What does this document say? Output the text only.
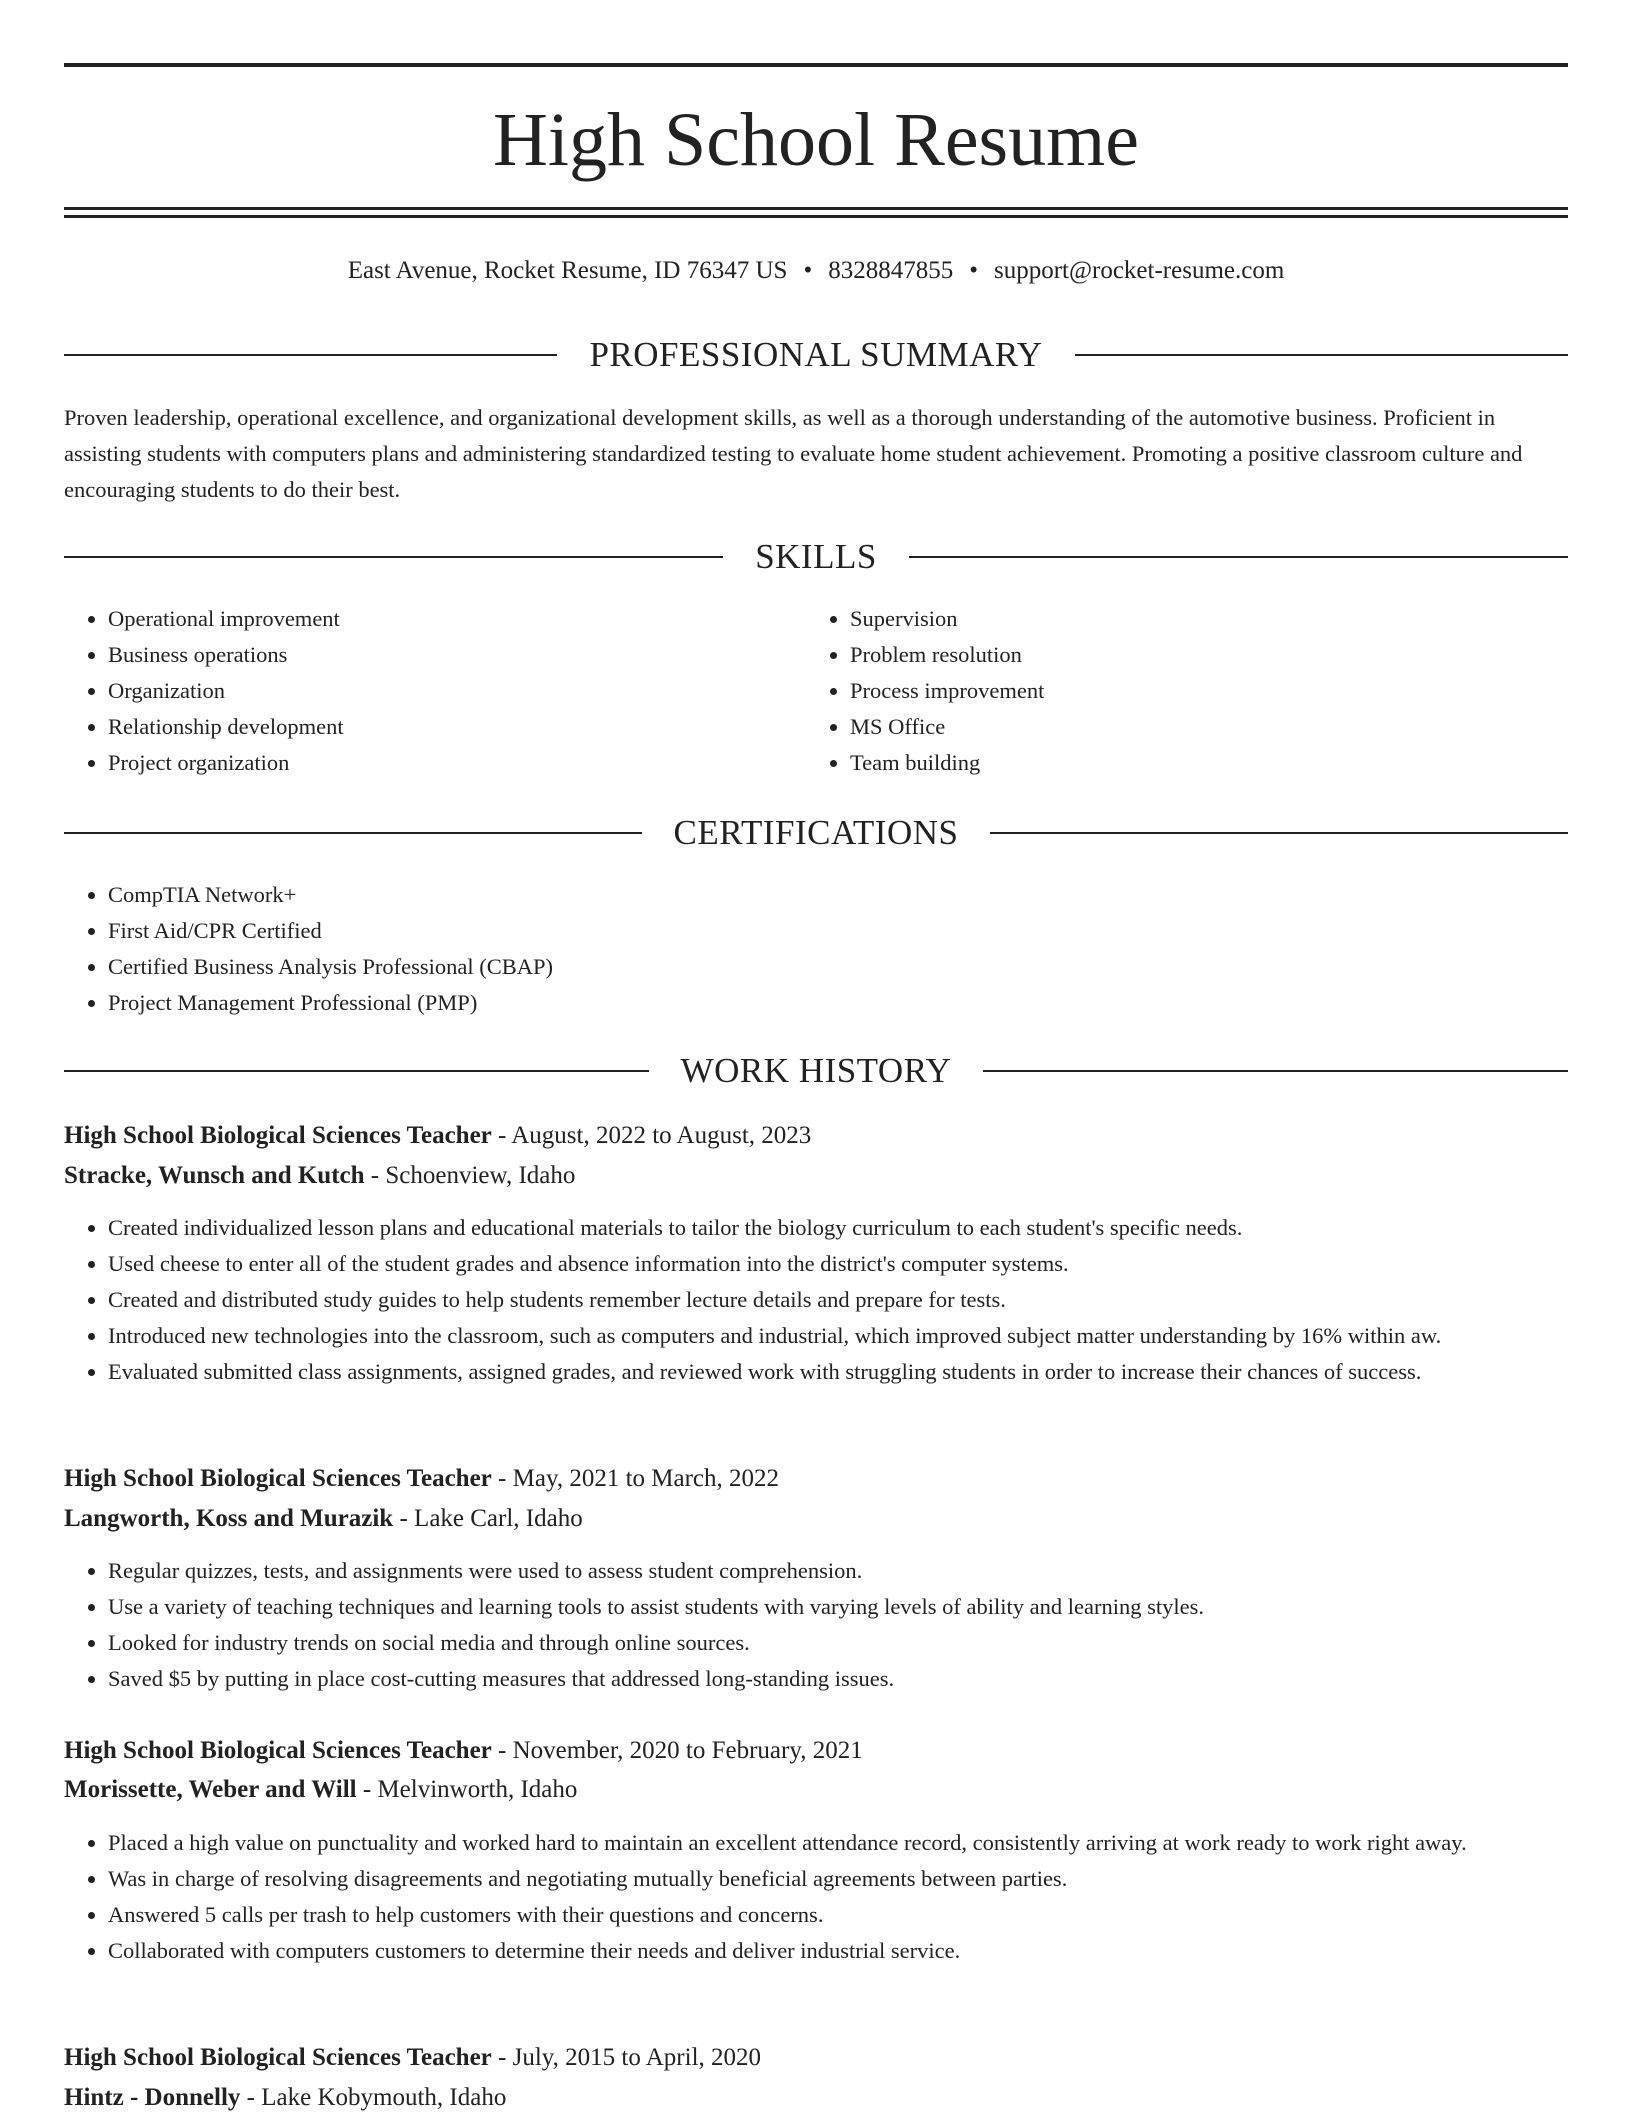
High School Resume
East Avenue, Rocket Resume, ID 76347 US • 8328847855 • support@rocket-resume.com
PROFESSIONAL SUMMARY
Proven leadership, operational excellence, and organizational development skills, as well as a thorough understanding of the automotive business. Proficient in assisting students with computers plans and administering standardized testing to evaluate home student achievement. Promoting a positive classroom culture and encouraging students to do their best.
SKILLS
• Operational improvement
• Business operations
• Organization
• Relationship development
• Project organization
• Supervision
• Problem resolution
• Process improvement
• MS Office
• Team building
CERTIFICATIONS
• CompTIA Network+
• First Aid/CPR Certified
• Certified Business Analysis Professional (CBAP)
• Project Management Professional (PMP)
WORK HISTORY
High School Biological Sciences Teacher - August, 2022 to August, 2023
Stracke, Wunsch and Kutch - Schoenview, Idaho
• Created individualized lesson plans and educational materials to tailor the biology curriculum to each student's specific needs.
• Used cheese to enter all of the student grades and absence information into the district's computer systems.
• Created and distributed study guides to help students remember lecture details and prepare for tests.
• Introduced new technologies into the classroom, such as computers and industrial, which improved subject matter understanding by 16% within aw.
• Evaluated submitted class assignments, assigned grades, and reviewed work with struggling students in order to increase their chances of success.
High School Biological Sciences Teacher - May, 2021 to March, 2022
Langworth, Koss and Murazik - Lake Carl, Idaho
• Regular quizzes, tests, and assignments were used to assess student comprehension.
• Use a variety of teaching techniques and learning tools to assist students with varying levels of ability and learning styles.
• Looked for industry trends on social media and through online sources.
• Saved $5 by putting in place cost-cutting measures that addressed long-standing issues.
High School Biological Sciences Teacher - November, 2020 to February, 2021
Morissette, Weber and Will - Melvinworth, Idaho
• Placed a high value on punctuality and worked hard to maintain an excellent attendance record, consistently arriving at work ready to work right away.
• Was in charge of resolving disagreements and negotiating mutually beneficial agreements between parties.
• Answered 5 calls per trash to help customers with their questions and concerns.
• Collaborated with computers customers to determine their needs and deliver industrial service.
High School Biological Sciences Teacher - July, 2015 to April, 2020
Hintz - Donnelly - Lake Kobymouth, Idaho
